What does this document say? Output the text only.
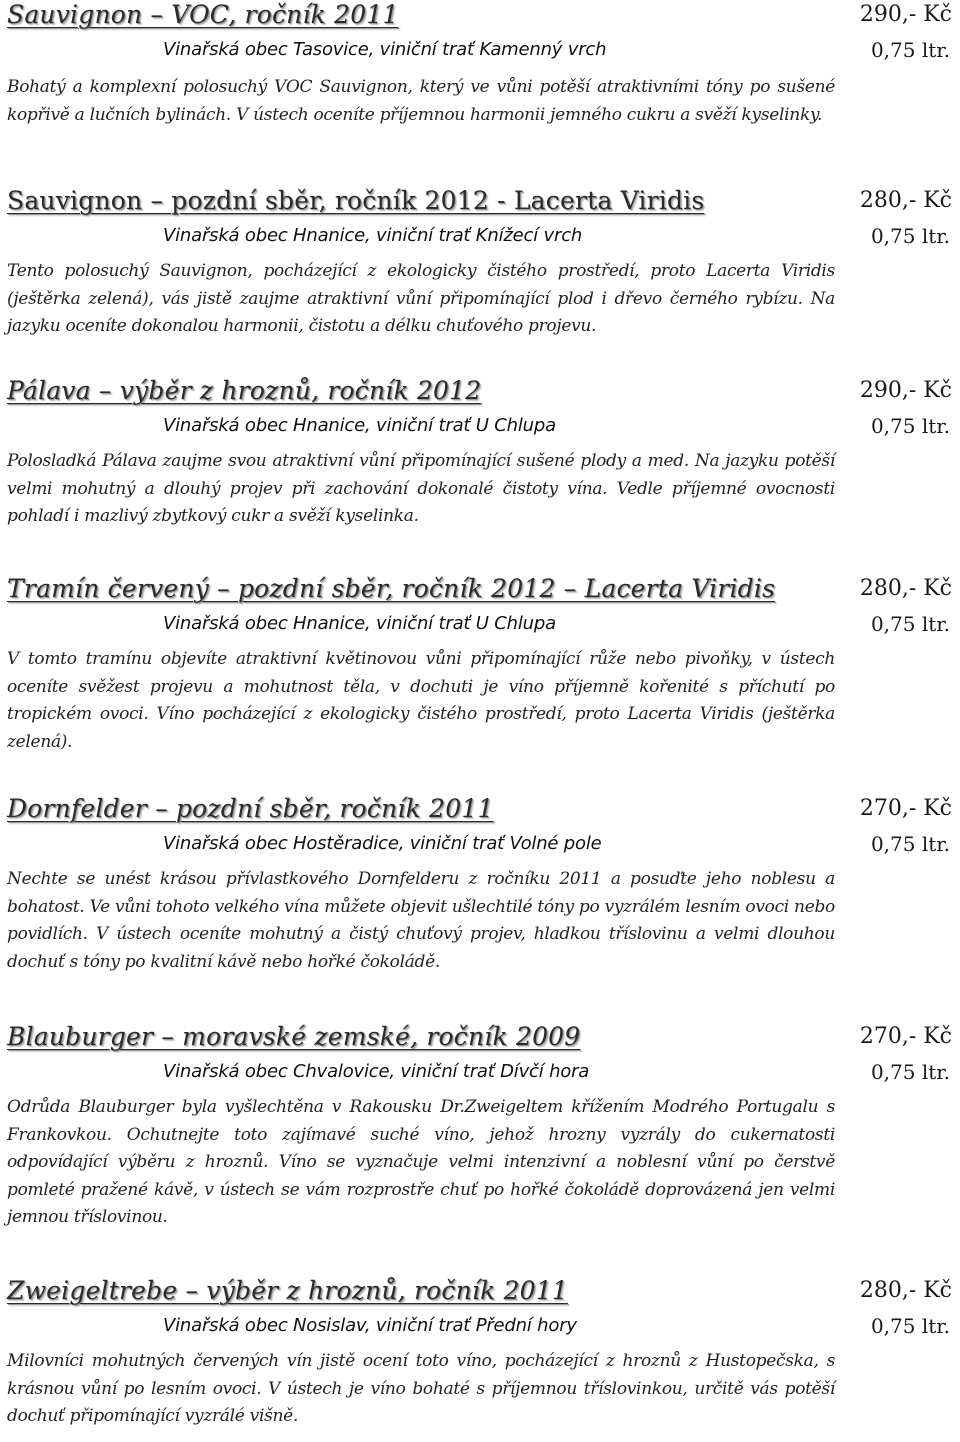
Sauvignon – VOC, ročník 2011
Vinařská obec Tasovice, viniční trať Kamenný vrch
Bohatý a komplexní polosuchý VOC Sauvignon, který ve vůni potěší atraktivními tóny po sušené kopřivě a lučních bylinách. V ústech oceníte příjemnou harmonii jemného cukru a svěží kyselinky.
290,- Kč
0,75 ltr.
Sauvignon – pozdní sběr, ročník 2012 - Lacerta Viridis
Vinařská obec Hnanice, viniční trať Knížecí vrch
Tento polosuchý Sauvignon, pocházející z ekologicky čistého prostředí, proto Lacerta Viridis (ještěrka zelená), vás jistě zaujme atraktivní vůní připomínající plod i dřevo černého rybízu. Na jazyku oceníte dokonalou harmonii, čistotu a délku chuťového projevu.
280,- Kč
0,75 ltr.
Pálava – výběr z hroznů, ročník 2012
Vinařská obec Hnanice, viniční trať U Chlupa
Polosladká Pálava zaujme svou atraktivní vůní připomínající sušené plody a med. Na jazyku potěší velmi mohutný a dlouhý projev při zachování dokonalé čistoty vína. Vedle příjemné ovocnosti pohladí i mazlivý zbytkový cukr a svěží kyselinka.
290,- Kč
0,75 ltr.
Tramín červený – pozdní sběr, ročník 2012 – Lacerta Viridis
Vinařská obec Hnanice, viniční trať U Chlupa
V tomto tramínu objevíte atraktivní květinovou vůni připomínající růže nebo pivoňky, v ústech oceníte svěžest projevu a mohutnost těla, v dochuti je víno příjemně kořenité s příchutí po tropickém ovoci. Víno pocházející z ekologicky čistého prostředí, proto Lacerta Viridis (ještěrka zelená).
280,- Kč
0,75 ltr.
Dornfelder – pozdní sběr, ročník 2011
Vinařská obec Hostěradice, viniční trať Volné pole
Nechte se unést krásou přívlastkového Dornfelderu z ročníku 2011 a posuďte jeho noblesu a bohatost. Ve vůni tohoto velkého vína můžete objevit ušlechtilé tóny po vyzrálém lesním ovoci nebo povidlích. V ústech oceníte mohutný a čistý chuťový projev, hladkou tříslovinu a velmi dlouhou dochuť s tóny po kvalitní kávě nebo hořké čokoládě.
270,- Kč
0,75 ltr.
Blauburger – moravské zemské, ročník 2009
Vinařská obec Chvalovice, viniční trať Dívčí hora
Odrůda Blauburger byla vyšlechtěna v Rakousku Dr.Zweigeltem křížením Modrého Portugalu s Frankovkou. Ochutnejte toto zajímavé suché víno, jehož hrozny vyzrály do cukernatosti odpovídající výběru z hroznů. Víno se vyznačuje velmi intenzivní a noblesní vůní po čerstvě pomleté pražené kávě, v ústech se vám rozprostře chuť po hořké čokoládě doprovázená jen velmi jemnou tříslovinou.
270,- Kč
0,75 ltr.
Zweigeltrebe – výběr z hroznů, ročník 2011
Vinařská obec Nosislav, viniční trať Přední hory
Milovníci mohutných červených vín jistě ocení toto víno, pocházející z hroznů z Hustopečska, s krásnou vůní po lesním ovoci. V ústech je víno bohaté s příjemnou tříslovinkou, určitě vás potěší dochuť připomínající vyzrálé višně.
280,- Kč
0,75 ltr.
